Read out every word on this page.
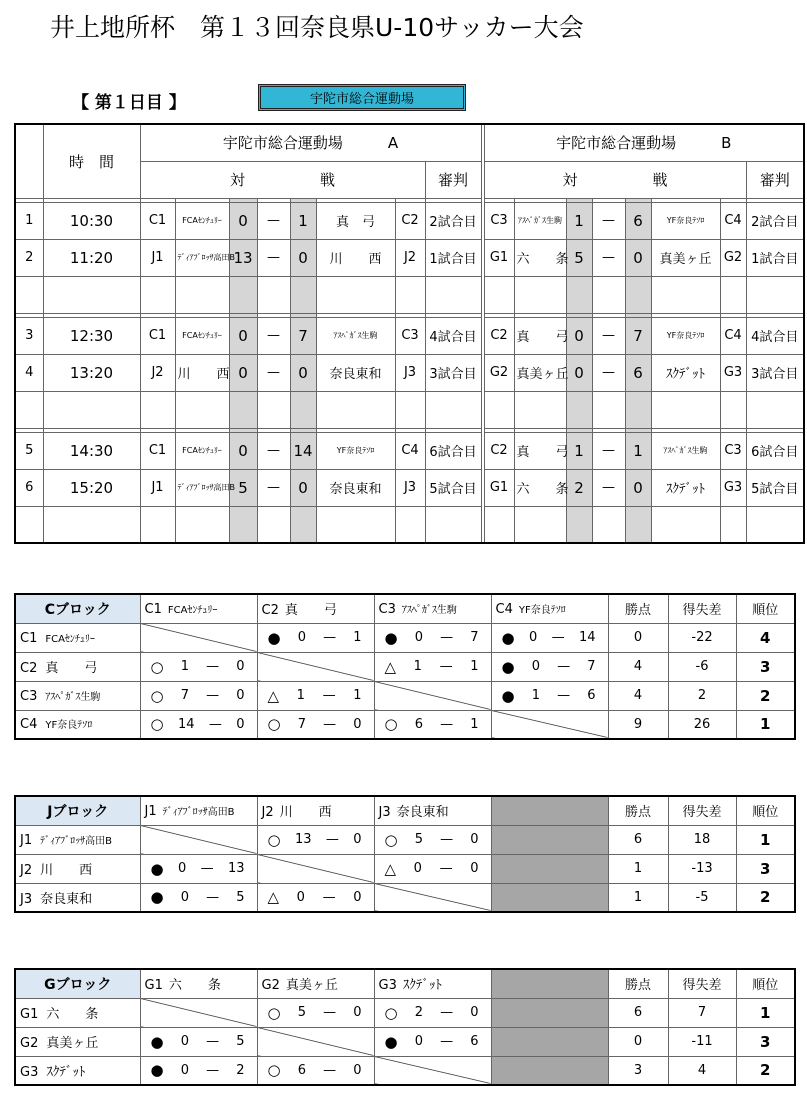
井上地所杯　第１３回奈良県U-10サッカー大会
【 第１日目 】	宇陀市総合運動場
	時　間	宇陀市総合運動場　　　A									宇陀市総合運動場　　　B							
		対　　　　　戦							審判		対　　　　　戦							審判

1	10:30	C1	FCAｾﾝﾁｭﾘｰ	0	—	1	真　弓	C2	2試合目		C3	ｱｽﾍﾟｶﾞｽ生駒	1	—	6	YF奈良ﾃｿﾛ	C4	2試合目
2	11:20	J1	ﾃﾞｨｱﾌﾞﾛｯｻ高田B	13	—	0	川　　西	J2	1試合目		G1	六　　条	5	—	0	真美ヶ丘	G2	1試合目

3	12:30	C1	FCAｾﾝﾁｭﾘｰ	0	—	7	ｱｽﾍﾟｶﾞｽ生駒	C3	4試合目		C2	真　　弓	0	—	7	YF奈良ﾃｿﾛ	C4	4試合目
4	13:20	J2	川　　西	0	—	0	奈良東和	J3	3試合目		G2	真美ヶ丘	0	—	6	ｽｸﾃﾞｯﾄ	G3	3試合目

5	14:30	C1	FCAｾﾝﾁｭﾘｰ	0	—	14	YF奈良ﾃｿﾛ	C4	6試合目		C2	真　　弓	1	—	1	ｱｽﾍﾟｶﾞｽ生駒	C3	6試合目
6	15:20	J1	ﾃﾞｨｱﾌﾞﾛｯｻ高田B	5	—	0	奈良東和	J3	5試合目		G1	六　　条	2	—	0	ｽｸﾃﾞｯﾄ	G3	5試合目

Cブロック	C1 FCAｾﾝﾁｭﾘｰ	C2 真　　弓	C3 ｱｽﾍﾟｶﾞｽ生駒	C4 YF奈良ﾃｿﾛ	勝点	得失差	順位
C1 FCAｾﾝﾁｭﾘｰ		● 0 — 1	● 0 — 7	● 0 — 14	0	-22	4
C2 真　　弓	○ 1 — 0		△ 1 — 1	● 0 — 7	4	-6	3
C3 ｱｽﾍﾟｶﾞｽ生駒	○ 7 — 0	△ 1 — 1		● 1 — 6	4	2	2
C4 YF奈良ﾃｿﾛ	○ 14 — 0	○ 7 — 0	○ 6 — 1		9	26	1
Jブロック	J1 ﾃﾞｨｱﾌﾞﾛｯｻ高田B	J2 川　　西	J3 奈良東和		勝点	得失差	順位
J1 ﾃﾞｨｱﾌﾞﾛｯｻ高田B		○ 13 — 0	○ 5 — 0		6	18	1
J2 川　　西	● 0 — 13		△ 0 — 0		1	-13	3
J3 奈良東和	● 0 — 5	△ 0 — 0			1	-5	2
Gブロック	G1 六　　条	G2 真美ヶ丘	G3 ｽｸﾃﾞｯﾄ		勝点	得失差	順位
G1 六　　条		○ 5 — 0	○ 2 — 0		6	7	1
G2 真美ヶ丘	● 0 — 5		● 0 — 6		0	-11	3
G3 ｽｸﾃﾞｯﾄ	● 0 — 2	○ 6 — 0			3	4	2
